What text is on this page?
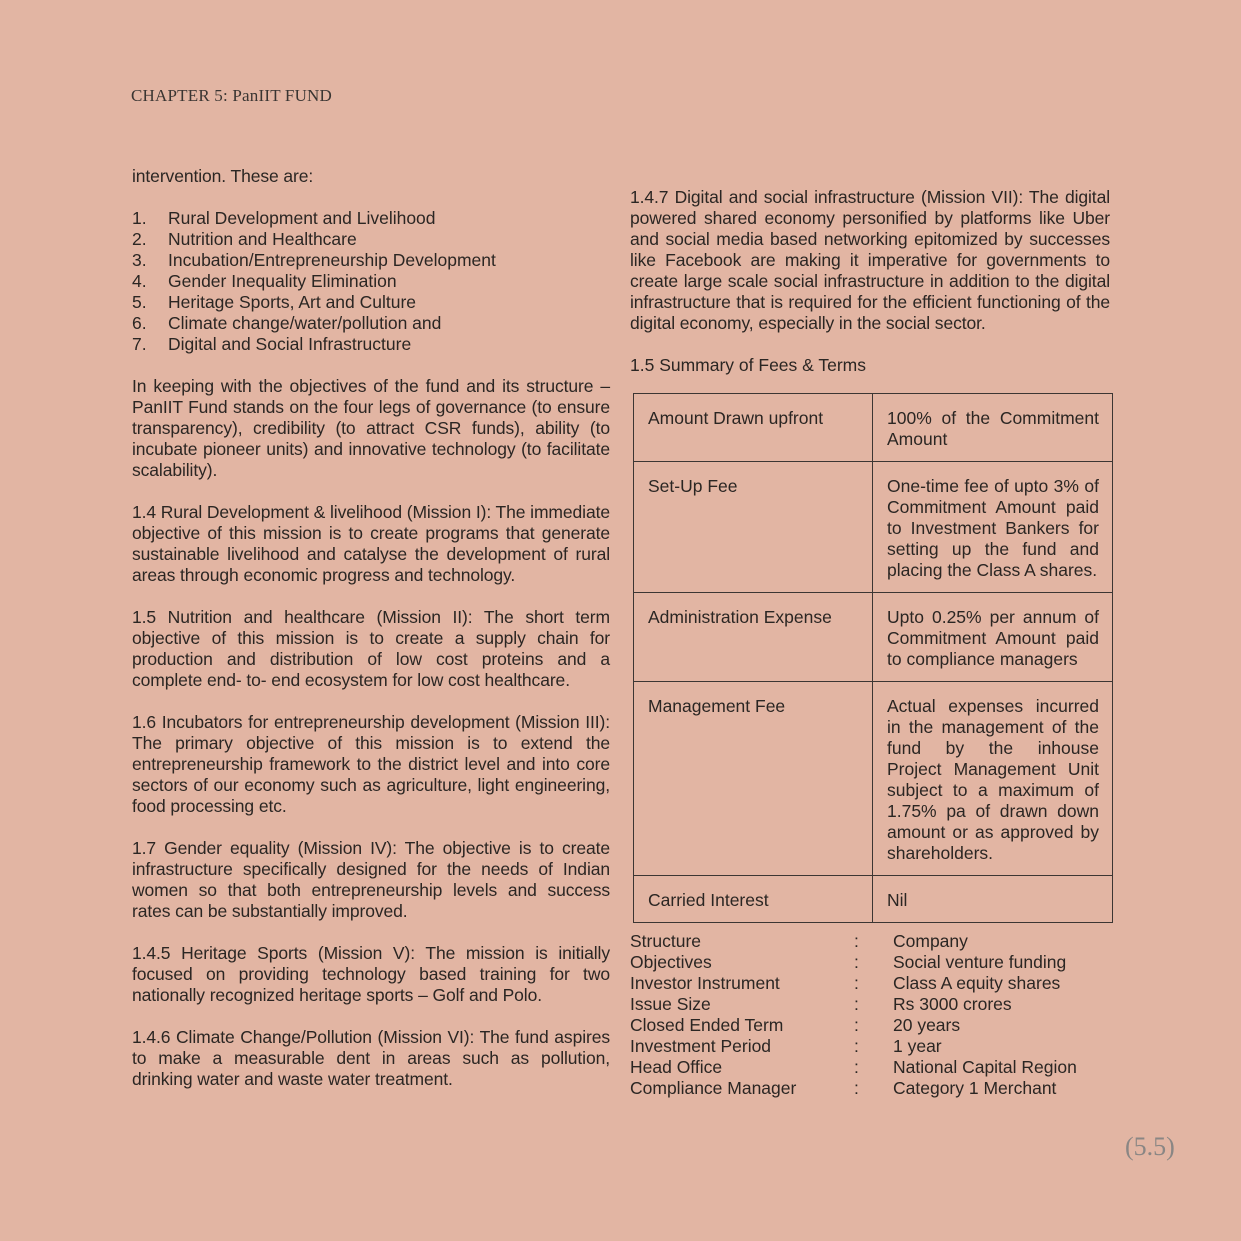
CHAPTER 5: PanIIT FUND

intervention. These are:

1.	Rural Development and Livelihood
2.	Nutrition and Healthcare
3.	Incubation/Entrepreneurship Development
4.	Gender Inequality Elimination
5.	Heritage Sports, Art and Culture
6.	Climate change/water/pollution and
7.	Digital and Social Infrastructure

In keeping with the objectives of the fund and its structure – PanIIT Fund stands on the four legs of governance (to ensure transparency), credibility (to attract CSR funds), ability (to incubate pioneer units) and innovative technology (to facilitate scalability).

1.4 Rural Development & livelihood (Mission I): The immediate objective of this mission is to create programs that generate sustainable livelihood and catalyse the development of rural areas through economic progress and technology.

1.5 Nutrition and healthcare (Mission II): The short term objective of this mission is to create a supply chain for production and distribution of low cost proteins and a complete end- to- end ecosystem for low cost healthcare.

1.6 Incubators for entrepreneurship development (Mission III): The primary objective of this mission is to extend the entrepreneurship framework to the district level and into core sectors of our economy such as agriculture, light engineering, food processing etc.

1.7 Gender equality (Mission IV): The objective is to create infrastructure specifically designed for the needs of Indian women so that both entrepreneurship levels and success rates can be substantially improved.

1.4.5 Heritage Sports (Mission V): The mission is initially focused on providing technology based training for two nationally recognized heritage sports – Golf and Polo.

1.4.6 Climate Change/Pollution (Mission VI): The fund aspires to make a measurable dent in areas such as pollution, drinking water and waste water treatment.

1.4.7 Digital and social infrastructure (Mission VII): The digital powered shared economy personified by platforms like Uber and social media based networking epitomized by successes like Facebook are making it imperative for governments to create large scale social infrastructure in addition to the digital infrastructure that is required for the efficient functioning of the digital economy, especially in the social sector.

1.5 Summary of Fees & Terms
Amount Drawn upfront	100% of the Commitment Amount
Set-Up Fee	One-time fee of upto 3% of Commitment Amount paid to Investment Bankers for setting up the fund and placing the Class A shares.
Administration Expense	Upto 0.25% per annum of Commitment Amount paid to compliance managers
Management Fee	Actual expenses incurred in the management of the fund by the inhouse Project Management Unit subject to a maximum of 1.75% pa of drawn down amount or as approved by shareholders.
Carried Interest	Nil
Structure	:	Company
Objectives	:	Social venture funding
Investor Instrument	:	Class A equity shares
Issue Size	:	Rs 3000 crores
Closed Ended Term	:	20 years
Investment Period	:	1 year
Head Office	:	National Capital Region
Compliance Manager	:	Category 1 Merchant
(5.5)
